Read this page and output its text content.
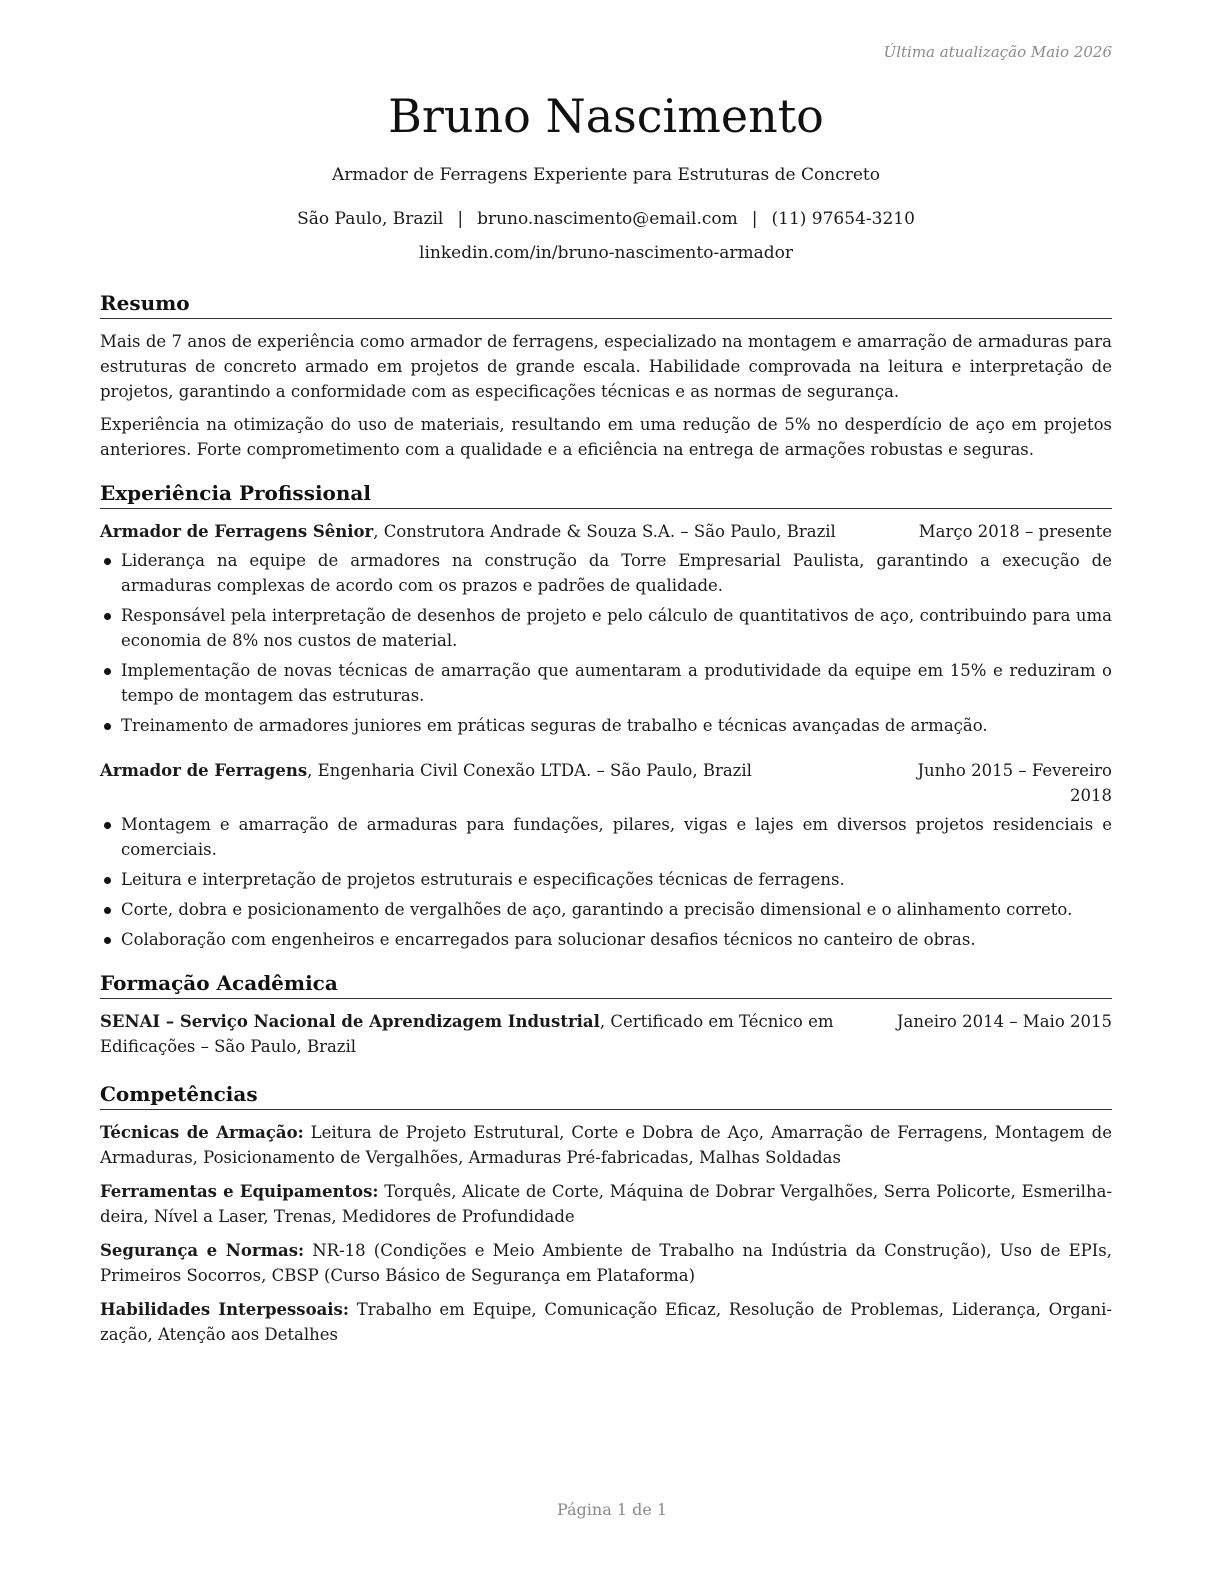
Última atualização Maio 2026
Bruno Nascimento
Armador de Ferragens Experiente para Estruturas de Concreto
São Paulo, Brazil | bruno.nascimento@email.com | (11) 97654-3210
linkedin.com/in/bruno-nascimento-armador
Resumo

Mais de 7 anos de experiência como armador de ferragens, especializado na montagem e amarração de armaduras para estruturas de concreto armado em projetos de grande escala. Habilidade comprovada na leitura e interpretação de projetos, garantindo a conformidade com as especificações técnicas e as normas de segurança.

Experiência na otimização do uso de materiais, resultando em uma redução de 5% no desperdício de aço em projetos anteriores. Forte comprometimento com a qualidade e a eficiência na entrega de armações robustas e seguras.

Experiência Profissional
Armador de Ferragens Sênior, Construtora Andrade & Souza S.A. – São Paulo, Brazil	Março 2018 – presente
Liderança na equipe de armadores na construção da Torre Empresarial Paulista, garantindo a execução de armaduras complexas de acordo com os prazos e padrões de qualidade.
Responsável pela interpretação de desenhos de projeto e pelo cálculo de quantitativos de aço, contribuindo para uma economia de 8% nos custos de material.
Implementação de novas técnicas de amarração que aumentaram a produtividade da equipe em 15% e reduziram o tempo de montagem das estruturas.
Treinamento de armadores juniores em práticas seguras de trabalho e técnicas avançadas de armação.
Armador de Ferragens, Engenharia Civil Conexão LTDA. – São Paulo, Brazil	Junho 2015 – Fevereiro 2018
Montagem e amarração de armaduras para fundações, pilares, vigas e lajes em diversos projetos residenciais e comerciais.
Leitura e interpretação de projetos estruturais e especificações técnicas de ferragens.
Corte, dobra e posicionamento de vergalhões de aço, garantindo a precisão dimensional e o alinhamento correto.
Colaboração com engenheiros e encarregados para solucionar desafios técnicos no canteiro de obras.
Formação Acadêmica
SENAI – Serviço Nacional de Aprendizagem Industrial, Certificado em Técnico em Edificações – São Paulo, Brazil
Janeiro 2014 – Maio 2015
Competências
Técnicas de Armação: Leitura de Projeto Estrutural, Corte e Dobra de Aço, Amarração de Ferragens, Montagem de Armaduras, Posicionamento de Vergalhões, Armaduras Pré-fabricadas, Malhas Soldadas
Ferramentas e Equipamentos: Torquês, Alicate de Corte, Máquina de Dobrar Vergalhões, Serra Policorte, Esmerilhadeira, Nível a Laser, Trenas, Medidores de Profundidade
Segurança e Normas: NR-18 (Condições e Meio Ambiente de Trabalho na Indústria da Construção), Uso de EPIs, Primeiros Socorros, CBSP (Curso Básico de Segurança em Plataforma)
Habilidades Interpessoais: Trabalho em Equipe, Comunicação Eficaz, Resolução de Problemas, Liderança, Organização, Atenção aos Detalhes
Página 1 de 1
